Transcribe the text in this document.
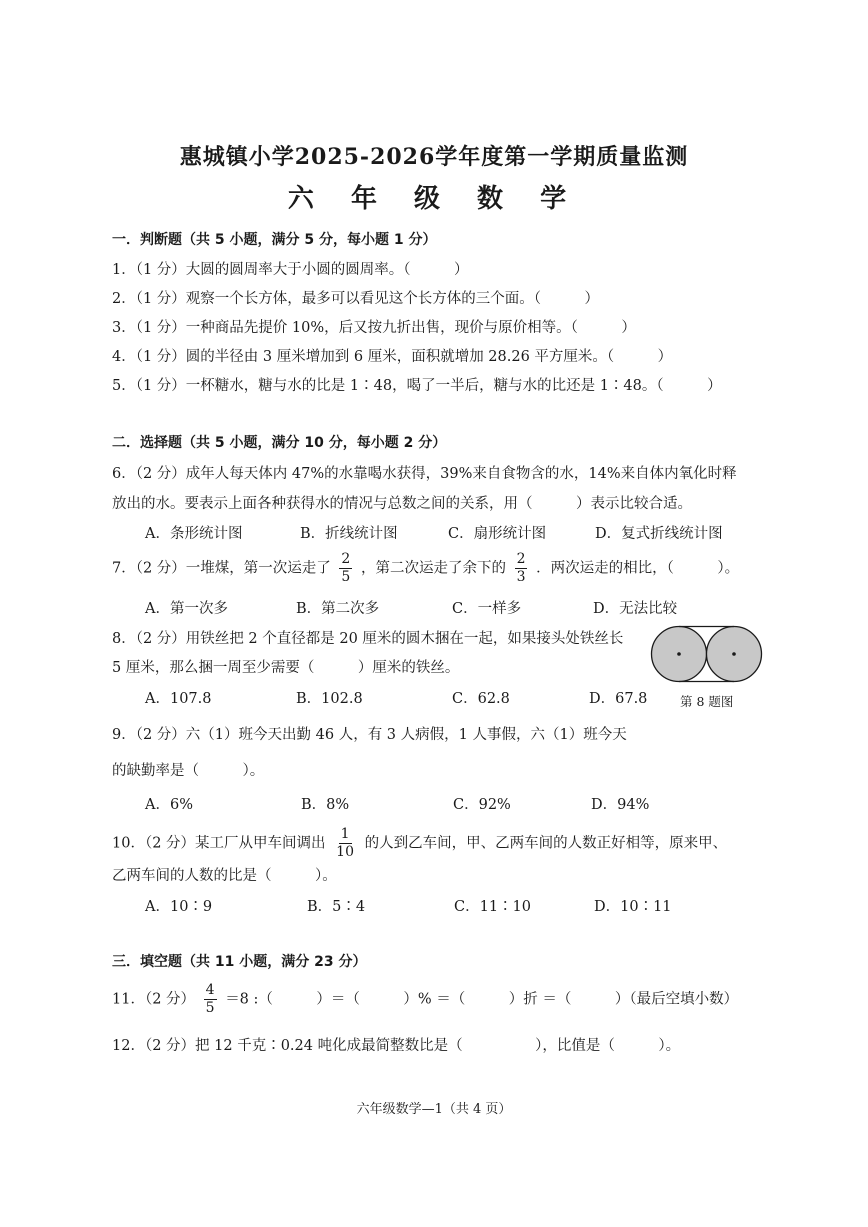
惠城镇小学2025-2026学年度第一学期质量监测
六 年 级 数 学
一．判断题（共 5 小题，满分 5 分，每小题 1 分）
1．（1 分）大圆的圆周率大于小圆的圆周率。（　　　）
2．（1 分）观察一个长方体，最多可以看见这个长方体的三个面。（　　　）
3．（1 分）一种商品先提价 10%，后又按九折出售，现价与原价相等。（　　　）
4．（1 分）圆的半径由 3 厘米增加到 6 厘米，面积就增加 28.26 平方厘米。（　　　）
5．（1 分）一杯糖水，糖与水的比是 1∶48，喝了一半后，糖与水的比还是 1∶48。（　　　）
二．选择题（共 5 小题，满分 10 分，每小题 2 分）
6．（2 分）成年人每天体内 47%的水靠喝水获得，39%来自食物含的水，14%来自体内氧化时释
放出的水。要表示上面各种获得水的情况与总数之间的关系，用（　　　）表示比较合适。
A．条形统计图	B．折线统计图	C．扇形统计图	D．复式折线统计图
7．（2 分）一堆煤，第一次运走了 $\frac{2}{5}$ ，第二次运走了余下的 $\frac{2}{3}$ ．两次运走的相比，（　　　）。
A．第一次多	B．第二次多	C．一样多	D．无法比较
8．（2 分）用铁丝把 2 个直径都是 20 厘米的圆木捆在一起，如果接头处铁丝长
5 厘米，那么捆一周至少需要（　　　）厘米的铁丝。
A．107.8	B．102.8	C．62.8	D．67.8	第 8 题图
9．（2 分）六（1）班今天出勤 46 人，有 3 人病假，1 人事假，六（1）班今天
的缺勤率是（　　　）。
A．6%	B．8%	C．92%	D．94%
10．（2 分）某工厂从甲车间调出 $\frac{1}{10}$ 的人到乙车间，甲、乙两车间的人数正好相等，原来甲、
乙两车间的人数的比是（　　　）。
A．10∶9	B．5∶4	C．11∶10	D．10∶11
三．填空题（共 11 小题，满分 23 分）
11．（2 分） $\frac{4}{5} =8$ :（　　　）＝（　　　）% ＝（　　　）折 ＝（　　　）（最后空填小数）
12．（2 分）把 12 千克∶0.24 吨化成最简整数比是（　　　　　），比值是（　　　）。
六年级数学—1（共 4 页）
